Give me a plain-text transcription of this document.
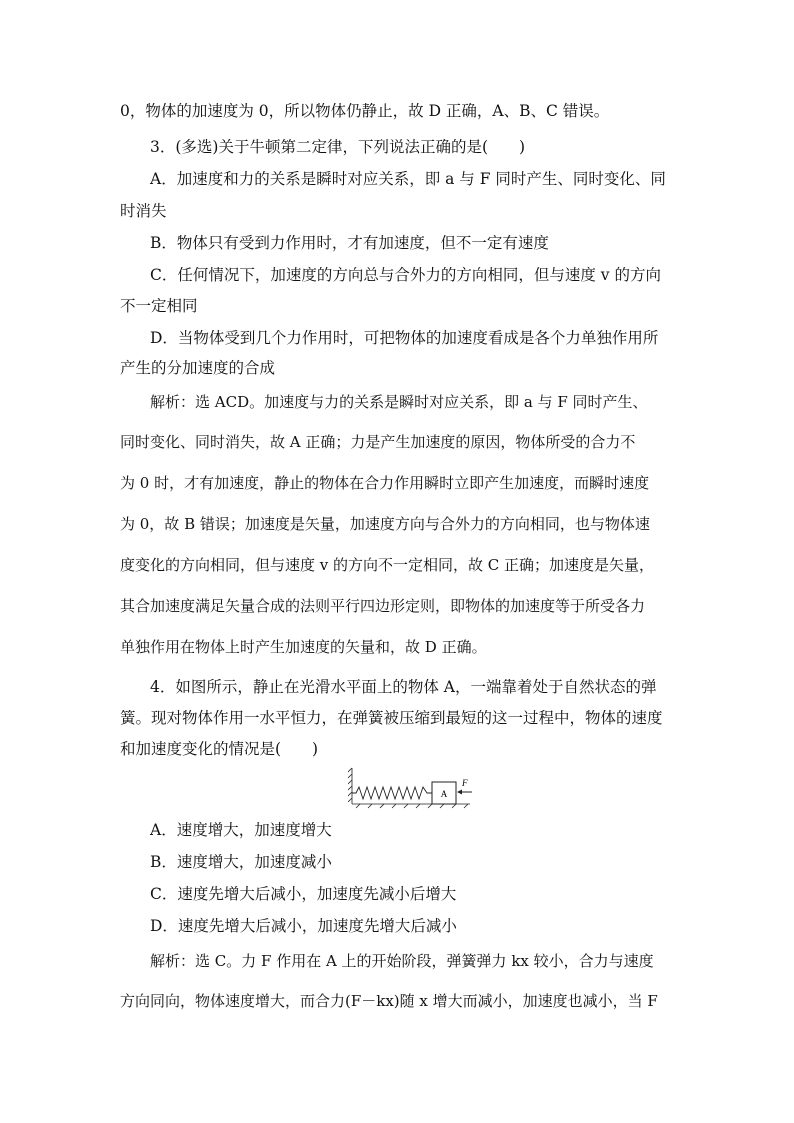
0，物体的加速度为 0，所以物体仍静止，故 D 正确，A、B、C 错误。
3．(多选)关于牛顿第二定律，下列说法正确的是(　　)
A．加速度和力的关系是瞬时对应关系，即 a 与 F 同时产生、同时变化、同
时消失
B．物体只有受到力作用时，才有加速度，但不一定有速度
C．任何情况下，加速度的方向总与合外力的方向相同，但与速度 v 的方向
不一定相同
D．当物体受到几个力作用时，可把物体的加速度看成是各个力单独作用所
产生的分加速度的合成
解析：选 ACD。加速度与力的关系是瞬时对应关系，即 a 与 F 同时产生、
同时变化、同时消失，故 A 正确；力是产生加速度的原因，物体所受的合力不
为 0 时，才有加速度，静止的物体在合力作用瞬时立即产生加速度，而瞬时速度
为 0，故 B 错误；加速度是矢量，加速度方向与合外力的方向相同，也与物体速
度变化的方向相同，但与速度 v 的方向不一定相同，故 C 正确；加速度是矢量，
其合加速度满足矢量合成的法则平行四边形定则，即物体的加速度等于所受各力
单独作用在物体上时产生加速度的矢量和，故 D 正确。
4．如图所示，静止在光滑水平面上的物体 A，一端靠着处于自然状态的弹
簧。现对物体作用一水平恒力，在弹簧被压缩到最短的这一过程中，物体的速度
和加速度变化的情况是(　　)
A
F
A．速度增大，加速度增大
B．速度增大，加速度减小
C．速度先增大后减小，加速度先减小后增大
D．速度先增大后减小，加速度先增大后减小
解析：选 C。力 F 作用在 A 上的开始阶段，弹簧弹力 kx 较小，合力与速度
方向同向，物体速度增大，而合力(F－kx)随 x 增大而减小，加速度也减小，当 F
